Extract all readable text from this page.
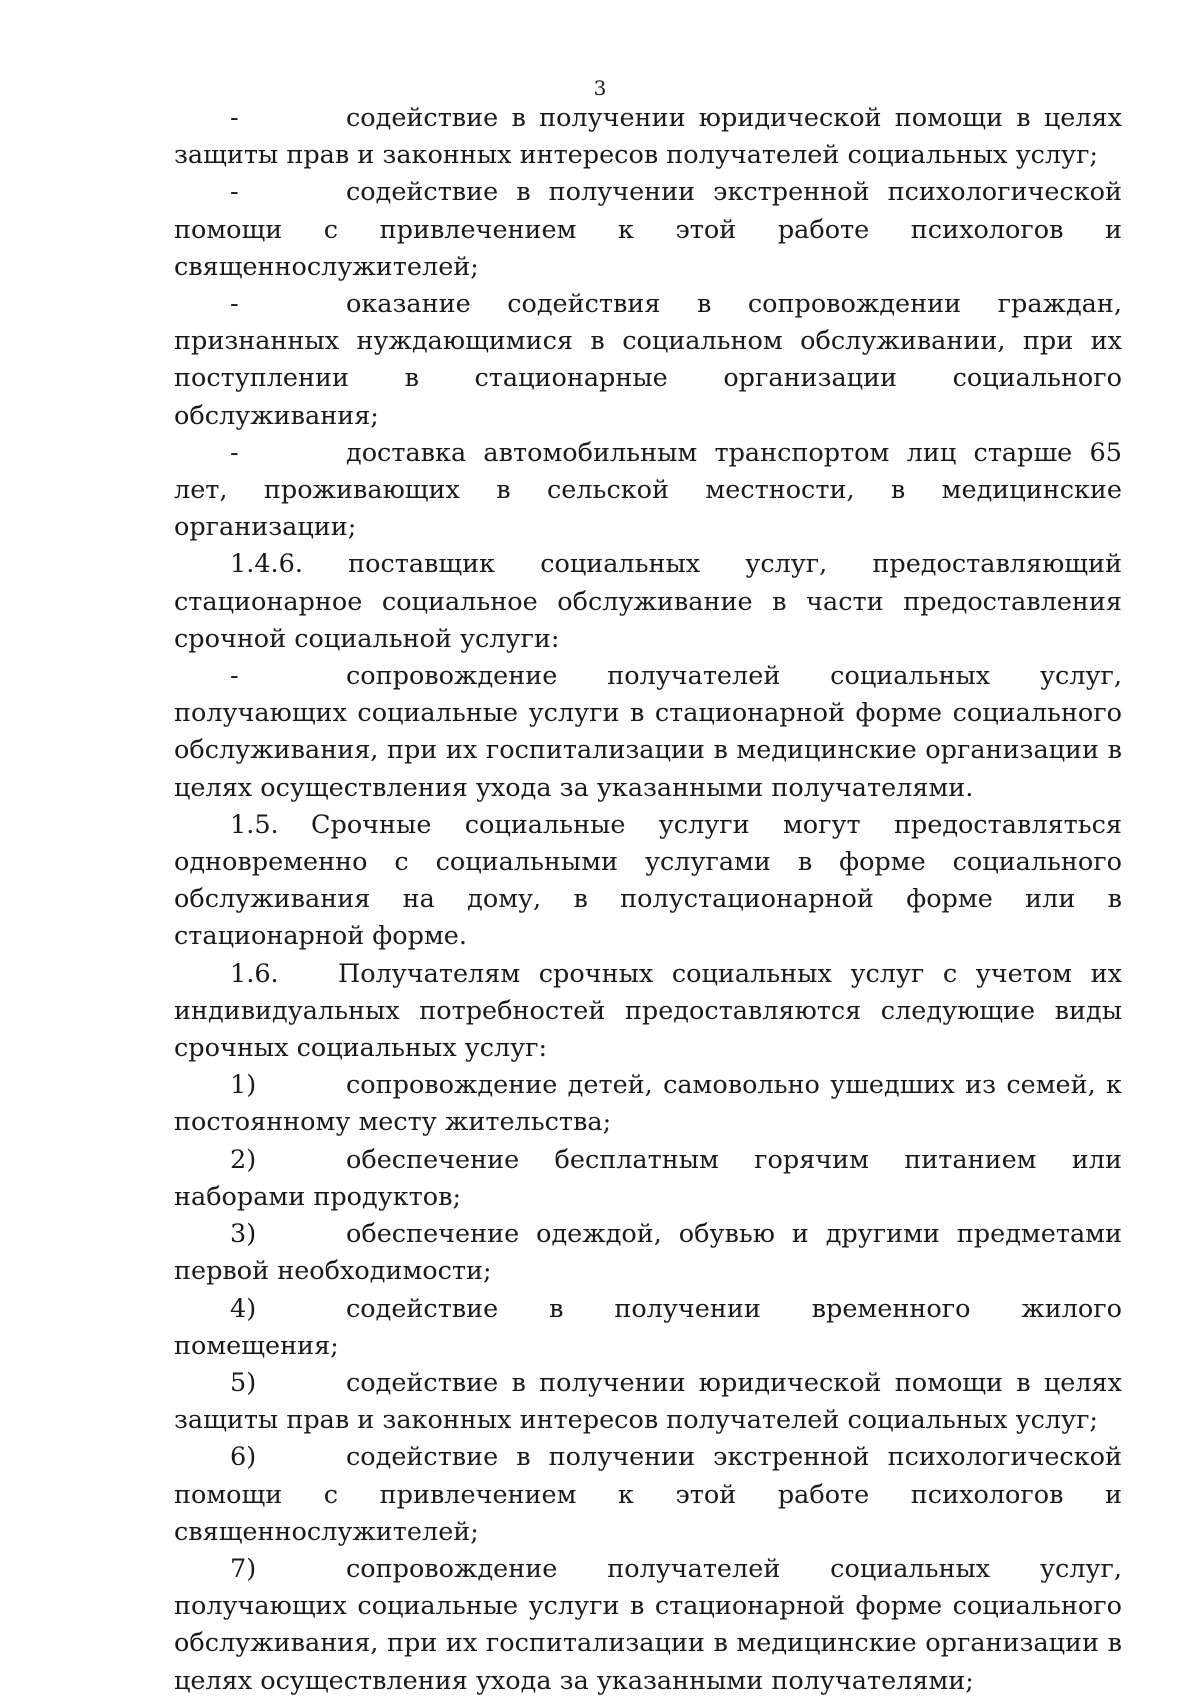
3

-	содействие в получении юридической помощи в целях защиты прав и законных интересов получателей социальных услуг;

-	содействие в получении экстренной психологической помощи с привлечением к этой работе психологов и священнослужителей;

-	оказание содействия в сопровождении граждан, признанных нуждающимися в социальном обслуживании, при их поступлении в стационарные организации социального обслуживания;

-	доставка автомобильным транспортом лиц старше 65 лет, проживающих в сельской местности, в медицинские организации;

1.4.6. поставщик социальных услуг, предоставляющий стационарное социальное обслуживание в части предоставления срочной социальной услуги:

-	сопровождение получателей социальных услуг, получающих социальные услуги в стационарной форме социального обслуживания, при их госпитализации в медицинские организации в целях осуществления ухода за указанными получателями.

1.5. Срочные социальные услуги могут предоставляться одновременно с социальными услугами в форме социального обслуживания на дому, в полустационарной форме или в стационарной форме.

1.6. Получателям срочных социальных услуг с учетом их индивидуальных потребностей предоставляются следующие виды срочных социальных услуг:

1)	сопровождение детей, самовольно ушедших из семей, к постоянному месту жительства;

2)	обеспечение бесплатным горячим питанием или наборами продуктов;

3)	обеспечение одеждой, обувью и другими предметами первой необходимости;

4)	содействие в получении временного жилого помещения;

5)	содействие в получении юридической помощи в целях защиты прав и законных интересов получателей социальных услуг;

6)	содействие в получении экстренной психологической помощи с привлечением к этой работе психологов и священнослужителей;

7)	сопровождение получателей социальных услуг, получающих социальные услуги в стационарной форме социального обслуживания, при их госпитализации в медицинские организации в целях осуществления ухода за указанными получателями;
